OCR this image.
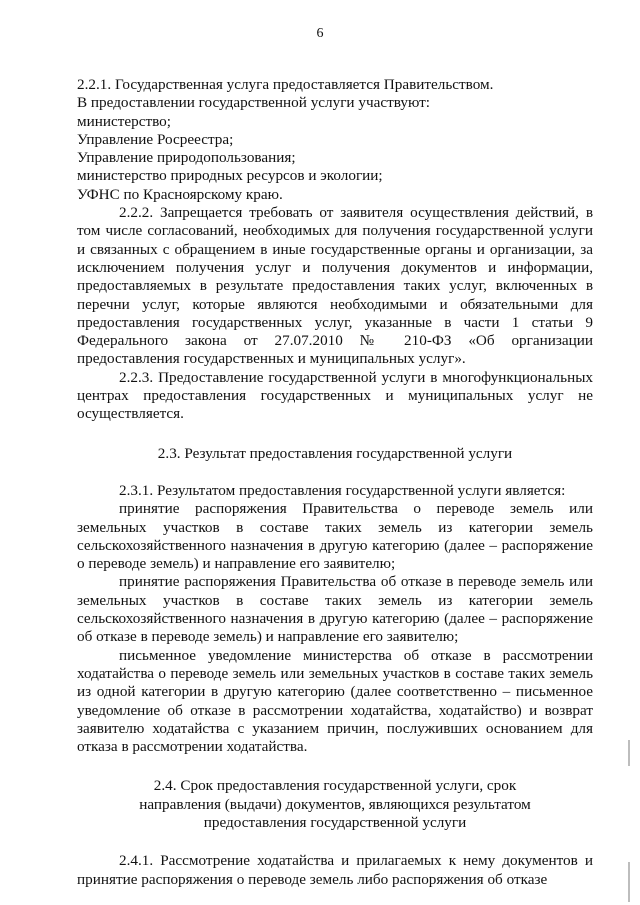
6

2.2.1. Государственная услуга предоставляется Правительством.

В предоставлении государственной услуги участвуют:

министерство;

Управление Росреестра;

Управление природопользования;

министерство природных ресурсов и экологии;

УФНС по Красноярскому краю.

2.2.2. Запрещается требовать от заявителя осуществления действий, в том числе согласований, необходимых для получения государственной услуги и связанных с обращением в иные государственные органы и организации, за исключением получения услуг и получения документов и информации, предоставляемых в результате предоставления таких услуг, включенных в перечни услуг, которые являются необходимыми и обязательными для предоставления государственных услуг, указанные в части 1 статьи 9 Федерального закона от 27.07.2010 № 210-ФЗ «Об организации предоставления государственных и муниципальных услуг».

2.2.3. Предоставление государственной услуги в многофункциональных центрах предоставления государственных и муниципальных услуг не осуществляется.

2.3. Результат предоставления государственной услуги

2.3.1. Результатом предоставления государственной услуги является:

принятие распоряжения Правительства о переводе земель или земельных участков в составе таких земель из категории земель сельскохозяйственного назначения в другую категорию (далее – распоряжение о переводе земель) и направление его заявителю;

принятие распоряжения Правительства об отказе в переводе земель или земельных участков в составе таких земель из категории земель сельскохозяйственного назначения в другую категорию (далее – распоряжение об отказе в переводе земель) и направление его заявителю;

письменное уведомление министерства об отказе в рассмотрении ходатайства о переводе земель или земельных участков в составе таких земель из одной категории в другую категорию (далее соответственно – письменное уведомление об отказе в рассмотрении ходатайства, ходатайство) и возврат заявителю ходатайства с указанием причин, послуживших основанием для отказа в рассмотрении ходатайства.

2.4. Срок предоставления государственной услуги, срок

направления (выдачи) документов, являющихся результатом

предоставления государственной услуги

2.4.1. Рассмотрение ходатайства и прилагаемых к нему документов и принятие распоряжения о переводе земель либо распоряжения об отказе
